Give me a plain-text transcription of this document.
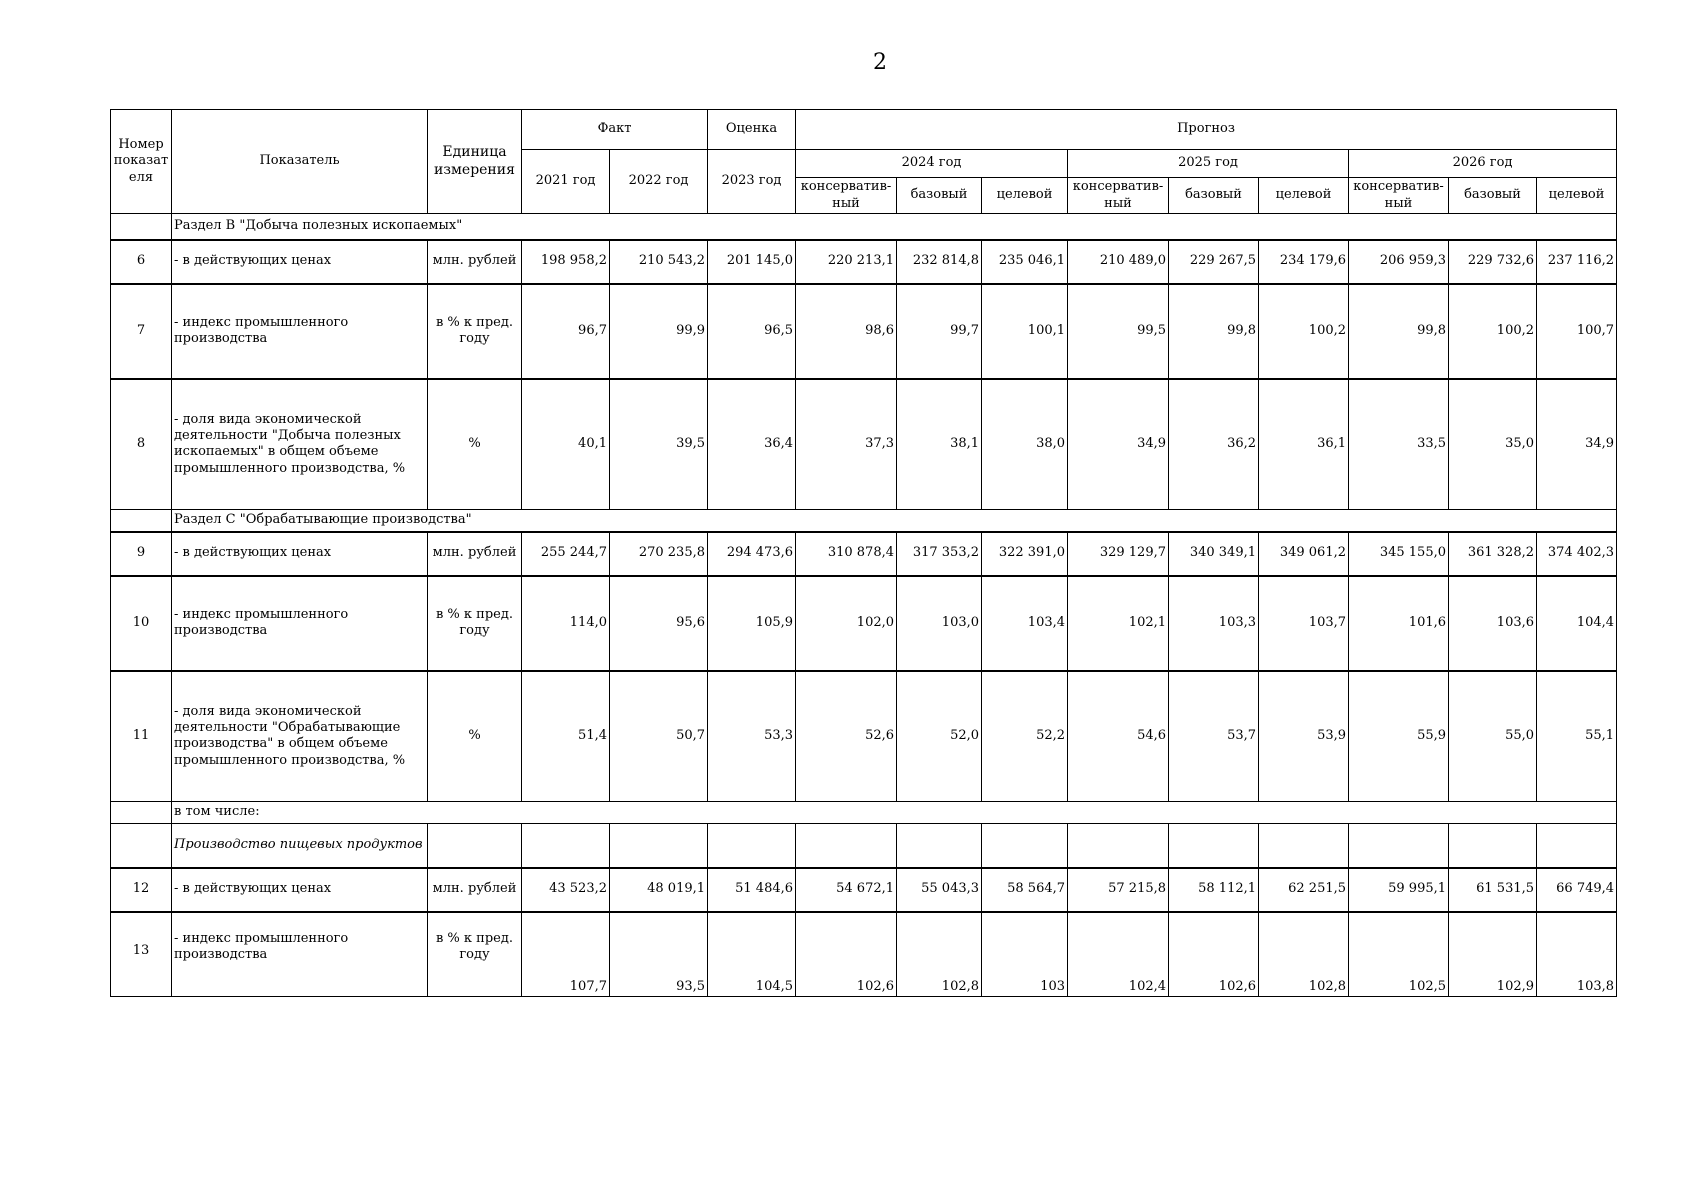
2
Номер показат еля	Показатель	Единица измерения	Факт		Оценка	Прогноз								
			2021 год	2022 год	2023 год	2024 год			2025 год			2026 год		
						консерватив-ный	базовый	целевой	консерватив-ный	базовый	целевой	консерватив-ный	базовый	целевой
	Раздел В "Добыча полезных ископаемых"													
6	- в действующих ценах	млн. рублей	198 958,2	210 543,2	201 145,0	220 213,1	232 814,8	235 046,1	210 489,0	229 267,5	234 179,6	206 959,3	229 732,6	237 116,2
7	- индекс промышленного производства	в % к пред. году	96,7	99,9	96,5	98,6	99,7	100,1	99,5	99,8	100,2	99,8	100,2	100,7
8	- доля вида экономической деятельности "Добыча полезных ископаемых" в общем объеме промышленного производства, %	%	40,1	39,5	36,4	37,3	38,1	38,0	34,9	36,2	36,1	33,5	35,0	34,9
	Раздел С "Обрабатывающие производства"													
9	- в действующих ценах	млн. рублей	255 244,7	270 235,8	294 473,6	310 878,4	317 353,2	322 391,0	329 129,7	340 349,1	349 061,2	345 155,0	361 328,2	374 402,3
10	- индекс промышленного производства	в % к пред. году	114,0	95,6	105,9	102,0	103,0	103,4	102,1	103,3	103,7	101,6	103,6	104,4
11	- доля вида экономической деятельности "Обрабатывающие производства" в общем объеме промышленного производства, %	%	51,4	50,7	53,3	52,6	52,0	52,2	54,6	53,7	53,9	55,9	55,0	55,1
	в том числе:													
	Производство пищевых продуктов													
12	- в действующих ценах	млн. рублей	43 523,2	48 019,1	51 484,6	54 672,1	55 043,3	58 564,7	57 215,8	58 112,1	62 251,5	59 995,1	61 531,5	66 749,4
13	- индекс промышленного производства	в % к пред. году	107,7	93,5	104,5	102,6	102,8	103	102,4	102,6	102,8	102,5	102,9	103,8
